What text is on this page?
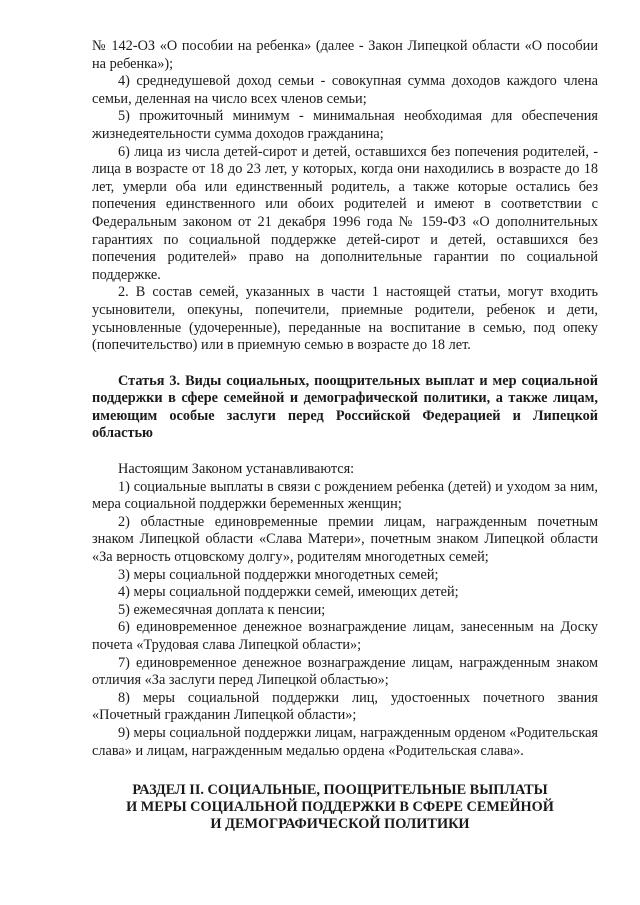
№ 142-ОЗ «О пособии на ребенка» (далее - Закон Липецкой области «О пособии на ребенка»);

4) среднедушевой доход семьи - совокупная сумма доходов каждого члена семьи, деленная на число всех членов семьи;

5) прожиточный минимум - минимальная необходимая для обеспечения жизнедеятельности сумма доходов гражданина;

6) лица из числа детей-сирот и детей, оставшихся без попечения родителей, - лица в возрасте от 18 до 23 лет, у которых, когда они находились в возрасте до 18 лет, умерли оба или единственный родитель, а также которые остались без попечения единственного или обоих родителей и имеют в соответствии с Федеральным законом от 21 декабря 1996 года № 159-ФЗ «О дополнительных гарантиях по социальной поддержке детей-сирот и детей, оставшихся без попечения родителей» право на дополнительные гарантии по социальной поддержке.

2. В состав семей, указанных в части 1 настоящей статьи, могут входить усыновители, опекуны, попечители, приемные родители, ребенок и дети, усыновленные (удочеренные), переданные на воспитание в семью, под опеку (попечительство) или в приемную семью в возрасте до 18 лет.

Статья 3. Виды социальных, поощрительных выплат и мер социальной поддержки в сфере семейной и демографической политики, а также лицам, имеющим особые заслуги перед Российской Федерацией и Липецкой областью

Настоящим Законом устанавливаются:

1) социальные выплаты в связи с рождением ребенка (детей) и уходом за ним, мера социальной поддержки беременных женщин;

2) областные единовременные премии лицам, награжденным почетным знаком Липецкой области «Слава Матери», почетным знаком Липецкой области «За верность отцовскому долгу», родителям многодетных семей;

3) меры социальной поддержки многодетных семей;

4) меры социальной поддержки семей, имеющих детей;

5) ежемесячная доплата к пенсии;

6) единовременное денежное вознаграждение лицам, занесенным на Доску почета «Трудовая слава Липецкой области»;

7) единовременное денежное вознаграждение лицам, награжденным знаком отличия «За заслуги перед Липецкой областью»;

8) меры социальной поддержки лиц, удостоенных почетного звания «Почетный гражданин Липецкой области»;

9) меры социальной поддержки лицам, награжденным орденом «Родительская слава» и лицам, награжденным медалью ордена «Родительская слава».

РАЗДЕЛ II. СОЦИАЛЬНЫЕ, ПООЩРИТЕЛЬНЫЕ ВЫПЛАТЫ
И МЕРЫ СОЦИАЛЬНОЙ ПОДДЕРЖКИ В СФЕРЕ СЕМЕЙНОЙ
И ДЕМОГРАФИЧЕСКОЙ ПОЛИТИКИ
